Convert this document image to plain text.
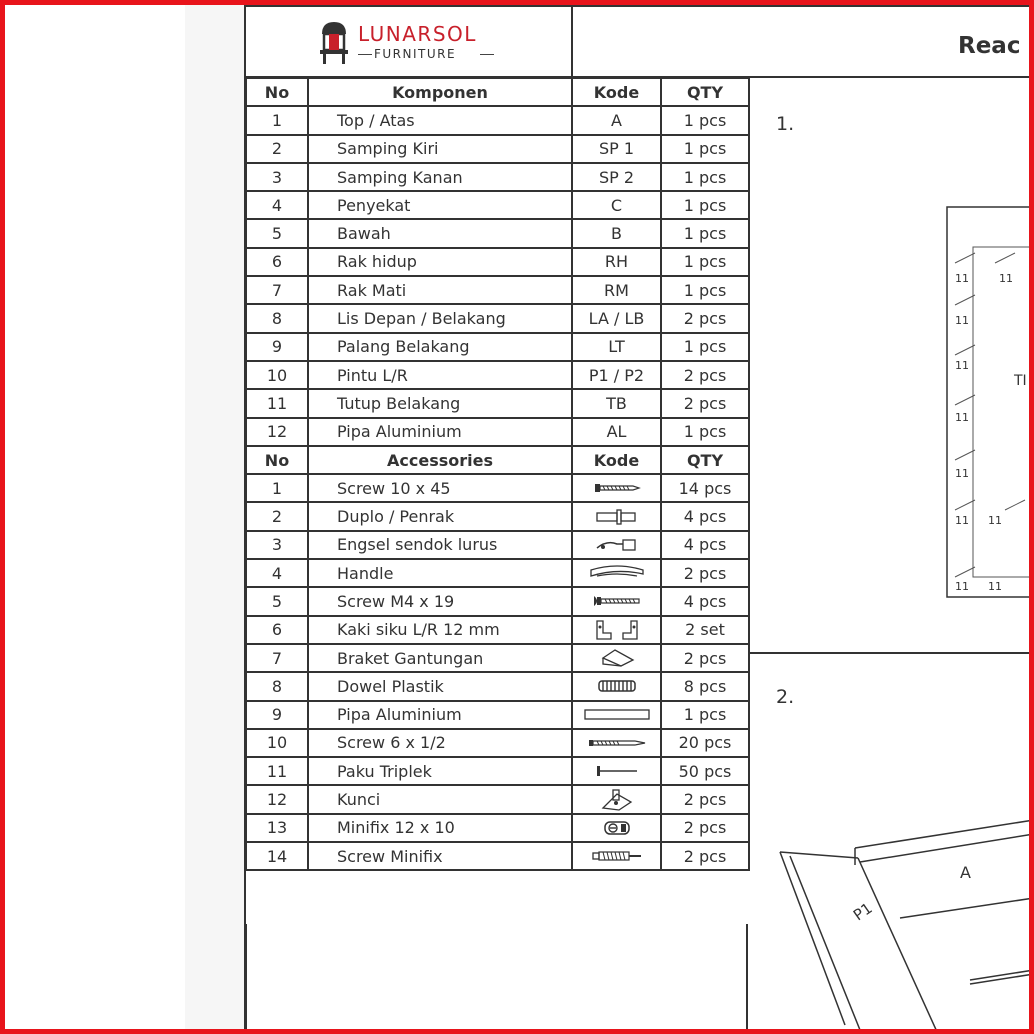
LUNARSOL
FURNITURE	Reac
No	Komponen	Kode	QTY
1	Top / Atas	A	1 pcs
2	Samping Kiri	SP 1	1 pcs
3	Samping Kanan	SP 2	1 pcs
4	Penyekat	C	1 pcs
5	Bawah	B	1 pcs
6	Rak hidup	RH	1 pcs
7	Rak Mati	RM	1 pcs
8	Lis Depan / Belakang	LA / LB	2 pcs
9	Palang Belakang	LT	1 pcs
10	Pintu L/R	P1 / P2	2 pcs
11	Tutup Belakang	TB	2 pcs
12	Pipa Aluminium	AL	1 pcs
No	Accessories	Kode	QTY
1	Screw 10 x 45		14 pcs
2	Duplo / Penrak		4 pcs
3	Engsel sendok lurus		4 pcs
4	Handle		2 pcs
5	Screw M4 x 19		4 pcs
6	Kaki siku L/R 12 mm		2 set
7	Braket Gantungan		2 pcs
8	Dowel Plastik		8 pcs
9	Pipa Aluminium		1 pcs
10	Screw 6 x 1/2		20 pcs
11	Paku Triplek		50 pcs
12	Kunci		2 pcs
13	Minifix 12 x 10		2 pcs
14	Screw Minifix		2 pcs
1.
2.
11	11
11
11
11
11
11 11
11 11
TI
A
P1
